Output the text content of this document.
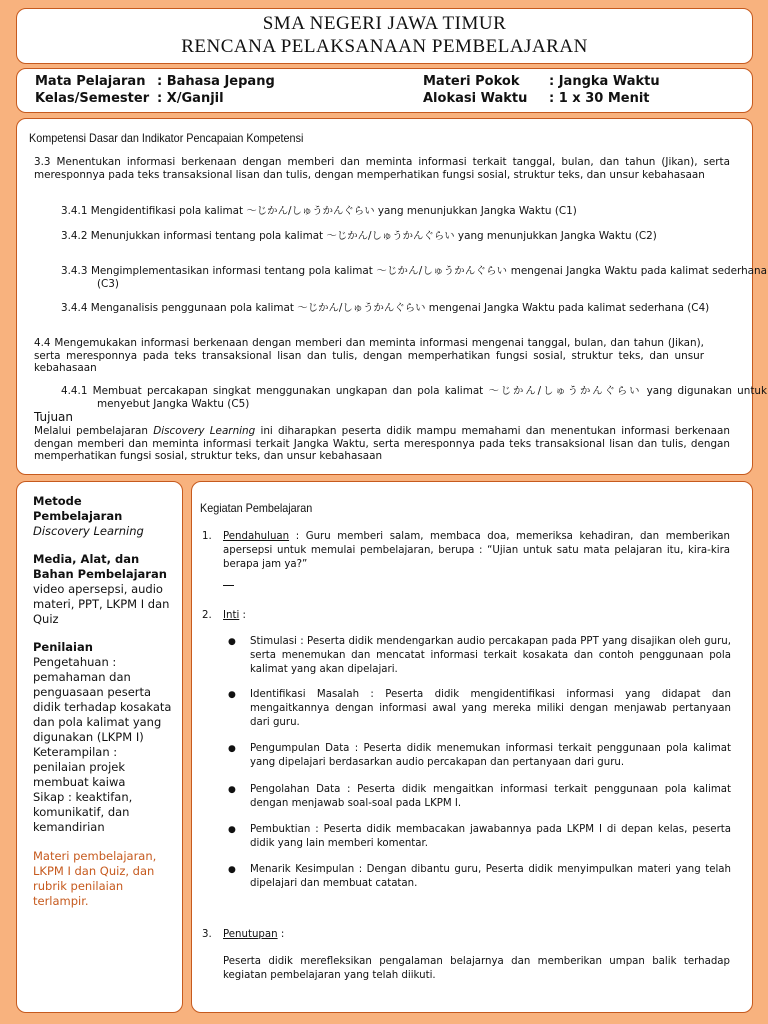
SMA NEGERI JAWA TIMUR
RENCANA PELAKSANAAN PEMBELAJARAN
Mata Pelajaran : Bahasa Jepang
Kelas/Semester : X/Ganjil
Materi Pokok : Jangka Waktu
Alokasi Waktu : 1 x 30 Menit
Kompetensi Dasar dan Indikator Pencapaian Kompetensi
3.3 Menentukan informasi berkenaan dengan memberi dan meminta informasi terkait tanggal, bulan, dan tahun (Jikan), serta meresponnya pada teks transaksional lisan dan tulis, dengan memperhatikan fungsi sosial, struktur teks, dan unsur kebahasaan
3.4.1 Mengidentifikasi pola kalimat ～じかん/しゅうかんぐらい yang menunjukkan Jangka Waktu (C1)
3.4.2 Menunjukkan informasi tentang pola kalimat ～じかん/しゅうかんぐらい yang menunjukkan Jangka Waktu (C2)
3.4.3 Mengimplementasikan informasi tentang pola kalimat ～じかん/しゅうかんぐらい mengenai Jangka Waktu pada kalimat sederhana (C3)
3.4.4 Menganalisis penggunaan pola kalimat ～じかん/しゅうかんぐらい mengenai Jangka Waktu pada kalimat sederhana (C4)
4.4 Mengemukakan informasi berkenaan dengan memberi dan meminta informasi mengenai tanggal, bulan, dan tahun (Jikan), serta meresponnya pada teks transaksional lisan dan tulis, dengan memperhatikan fungsi sosial, struktur teks, dan unsur kebahasaan
4.4.1 Membuat percakapan singkat menggunakan ungkapan dan pola kalimat ～じかん/しゅうかんぐらい yang digunakan untuk menyebut Jangka Waktu (C5)
Tujuan
Melalui pembelajaran Discovery Learning ini diharapkan peserta didik mampu memahami dan menentukan informasi berkenaan dengan memberi dan meminta informasi terkait Jangka Waktu, serta meresponnya pada teks transaksional lisan dan tulis, dengan memperhatikan fungsi sosial, struktur teks, dan unsur kebahasaan
Metode Pembelajaran
Discovery Learning
Media, Alat, dan Bahan Pembelajaran
video apersepsi, audio materi, PPT, LKPM I dan Quiz
Penilaian
Pengetahuan : pemahaman dan penguasaan peserta didik terhadap kosakata dan pola kalimat yang digunakan (LKPM I)
Keterampilan : penilaian projek membuat kaiwa
Sikap : keaktifan, komunikatif, dan kemandirian
Materi pembelajaran, LKPM I dan Quiz, dan rubrik penilaian terlampir.
Kegiatan Pembelajaran
1. Pendahuluan : Guru memberi salam, membaca doa, memeriksa kehadiran, dan memberikan apersepsi untuk memulai pembelajaran, berupa : “Ujian untuk satu mata pelajaran itu, kira-kira berapa jam ya?”
2. Inti :
● Stimulasi : Peserta didik mendengarkan audio percakapan pada PPT yang disajikan oleh guru, serta menemukan dan mencatat informasi terkait kosakata dan contoh penggunaan pola kalimat yang akan dipelajari.
● Identifikasi Masalah : Peserta didik mengidentifikasi informasi yang didapat dan mengaitkannya dengan informasi awal yang mereka miliki dengan menjawab pertanyaan dari guru.
● Pengumpulan Data : Peserta didik menemukan informasi terkait penggunaan pola kalimat yang dipelajari berdasarkan audio percakapan dan pertanyaan dari guru.
● Pengolahan Data : Peserta didik mengaitkan informasi terkait penggunaan pola kalimat dengan menjawab soal-soal pada LKPM I.
● Pembuktian : Peserta didik membacakan jawabannya pada LKPM I di depan kelas, peserta didik yang lain memberi komentar.
● Menarik Kesimpulan : Dengan dibantu guru, Peserta didik menyimpulkan materi yang telah dipelajari dan membuat catatan.
3. Penutupan :
Peserta didik merefleksikan pengalaman belajarnya dan memberikan umpan balik terhadap kegiatan pembelajaran yang telah diikuti.
